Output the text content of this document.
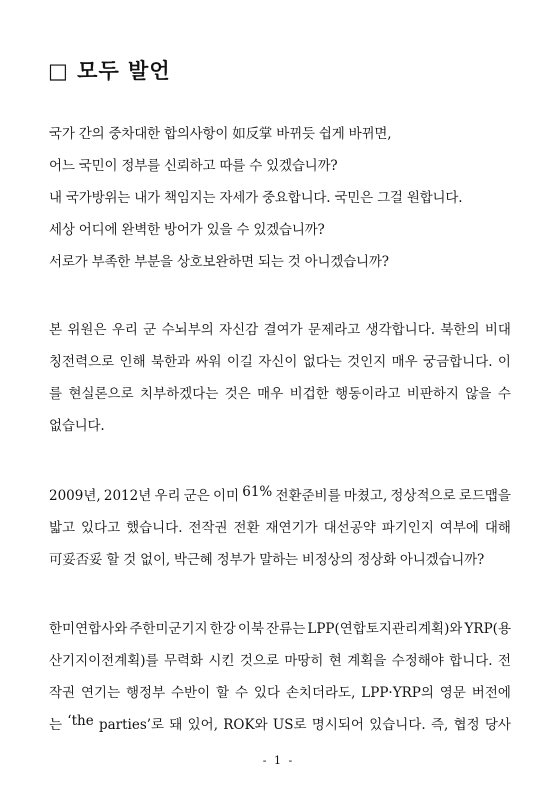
□ 모두 발언
국가 간의 중차대한 합의사항이 如反掌 바뀌듯 쉽게 바뀌면,
어느 국민이 정부를 신뢰하고 따를 수 있겠습니까?
내 국가방위는 내가 책임지는 자세가 중요합니다. 국민은 그걸 원합니다.
세상 어디에 완벽한 방어가 있을 수 있겠습니까?
서로가 부족한 부분을 상호보완하면 되는 것 아니겠습니까?
본 위원은 우리 군 수뇌부의 자신감 결여가 문제라고 생각합니다. 북한의 비대
칭전력으로 인해 북한과 싸워 이길 자신이 없다는 것인지 매우 궁금합니다. 이
를 현실론으로 치부하겠다는 것은 매우 비겁한 행동이라고 비판하지 않을 수
없습니다.
2009년, 2012년 우리 군은 이미 61% 전환준비를 마쳤고, 정상적으로 로드맵을
밟고 있다고 했습니다. 전작권 전환 재연기가 대선공약 파기인지 여부에 대해
可妥否妥 할 것 없이, 박근혜 정부가 말하는 비정상의 정상화 아니겠습니까?
한미연합사와 주한미군기지 한강 이북 잔류는 LPP(연합토지관리계획)와 YRP(용
산기지이전계획)를 무력화 시킨 것으로 마땅히 현 계획을 수정해야 합니다. 전
작권 연기는 행정부 수반이 할 수 있다 손치더라도, LPP·YRP의 영문 버전에
는 ‘the parties’로 돼 있어, ROK와 US로 명시되어 있습니다. 즉, 협정 당사
- 1 -
